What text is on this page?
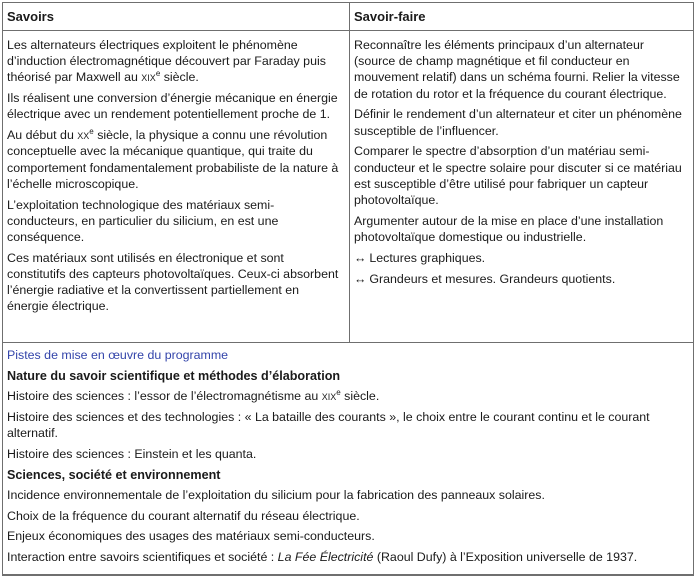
Savoirs	Savoir-faire

Les alternateurs électriques exploitent le phénomène d’induction électromagnétique découvert par Faraday puis théorisé par Maxwell au xix$^e$ siècle.

Ils réalisent une conversion d’énergie mécanique en énergie électrique avec un rendement potentiellement proche de 1.

Au début du $xx^e$ siècle, la physique a connu une révolution conceptuelle avec la mécanique quantique, qui traite du comportement fondamentalement probabiliste de la nature à l’échelle microscopique.

L’exploitation technologique des matériaux semi-conducteurs, en particulier du silicium, en est une conséquence.

Ces matériaux sont utilisés en électronique et sont constitutifs des capteurs photovoltaïques. Ceux-ci absorbent l’énergie radiative et la convertissent partiellement en énergie électrique.

Reconnaître les éléments principaux d’un alternateur (source de champ magnétique et fil conducteur en mouvement relatif) dans un schéma fourni. Relier la vitesse de rotation du rotor et la fréquence du courant électrique.

Définir le rendement d’un alternateur et citer un phénomène susceptible de l’influencer.

Comparer le spectre d’absorption d’un matériau semi-conducteur et le spectre solaire pour discuter si ce matériau est susceptible d’être utilisé pour fabriquer un capteur photovoltaïque.

Argumenter autour de la mise en place d’une installation photovoltaïque domestique ou industrielle.

↔ Lectures graphiques.

↔ Grandeurs et mesures. Grandeurs quotients.

Pistes de mise en œuvre du programme

Nature du savoir scientifique et méthodes d’élaboration

Histoire des sciences : l’essor de l’électromagnétisme au xix$^e$ siècle.

Histoire des sciences et des technologies : « La bataille des courants », le choix entre le courant continu et le courant alternatif.

Histoire des sciences : Einstein et les quanta.

Sciences, société et environnement

Incidence environnementale de l’exploitation du silicium pour la fabrication des panneaux solaires.

Choix de la fréquence du courant alternatif du réseau électrique.

Enjeux économiques des usages des matériaux semi-conducteurs.

Interaction entre savoirs scientifiques et société : La Fée Électricité (Raoul Dufy) à l’Exposition universelle de 1937.
